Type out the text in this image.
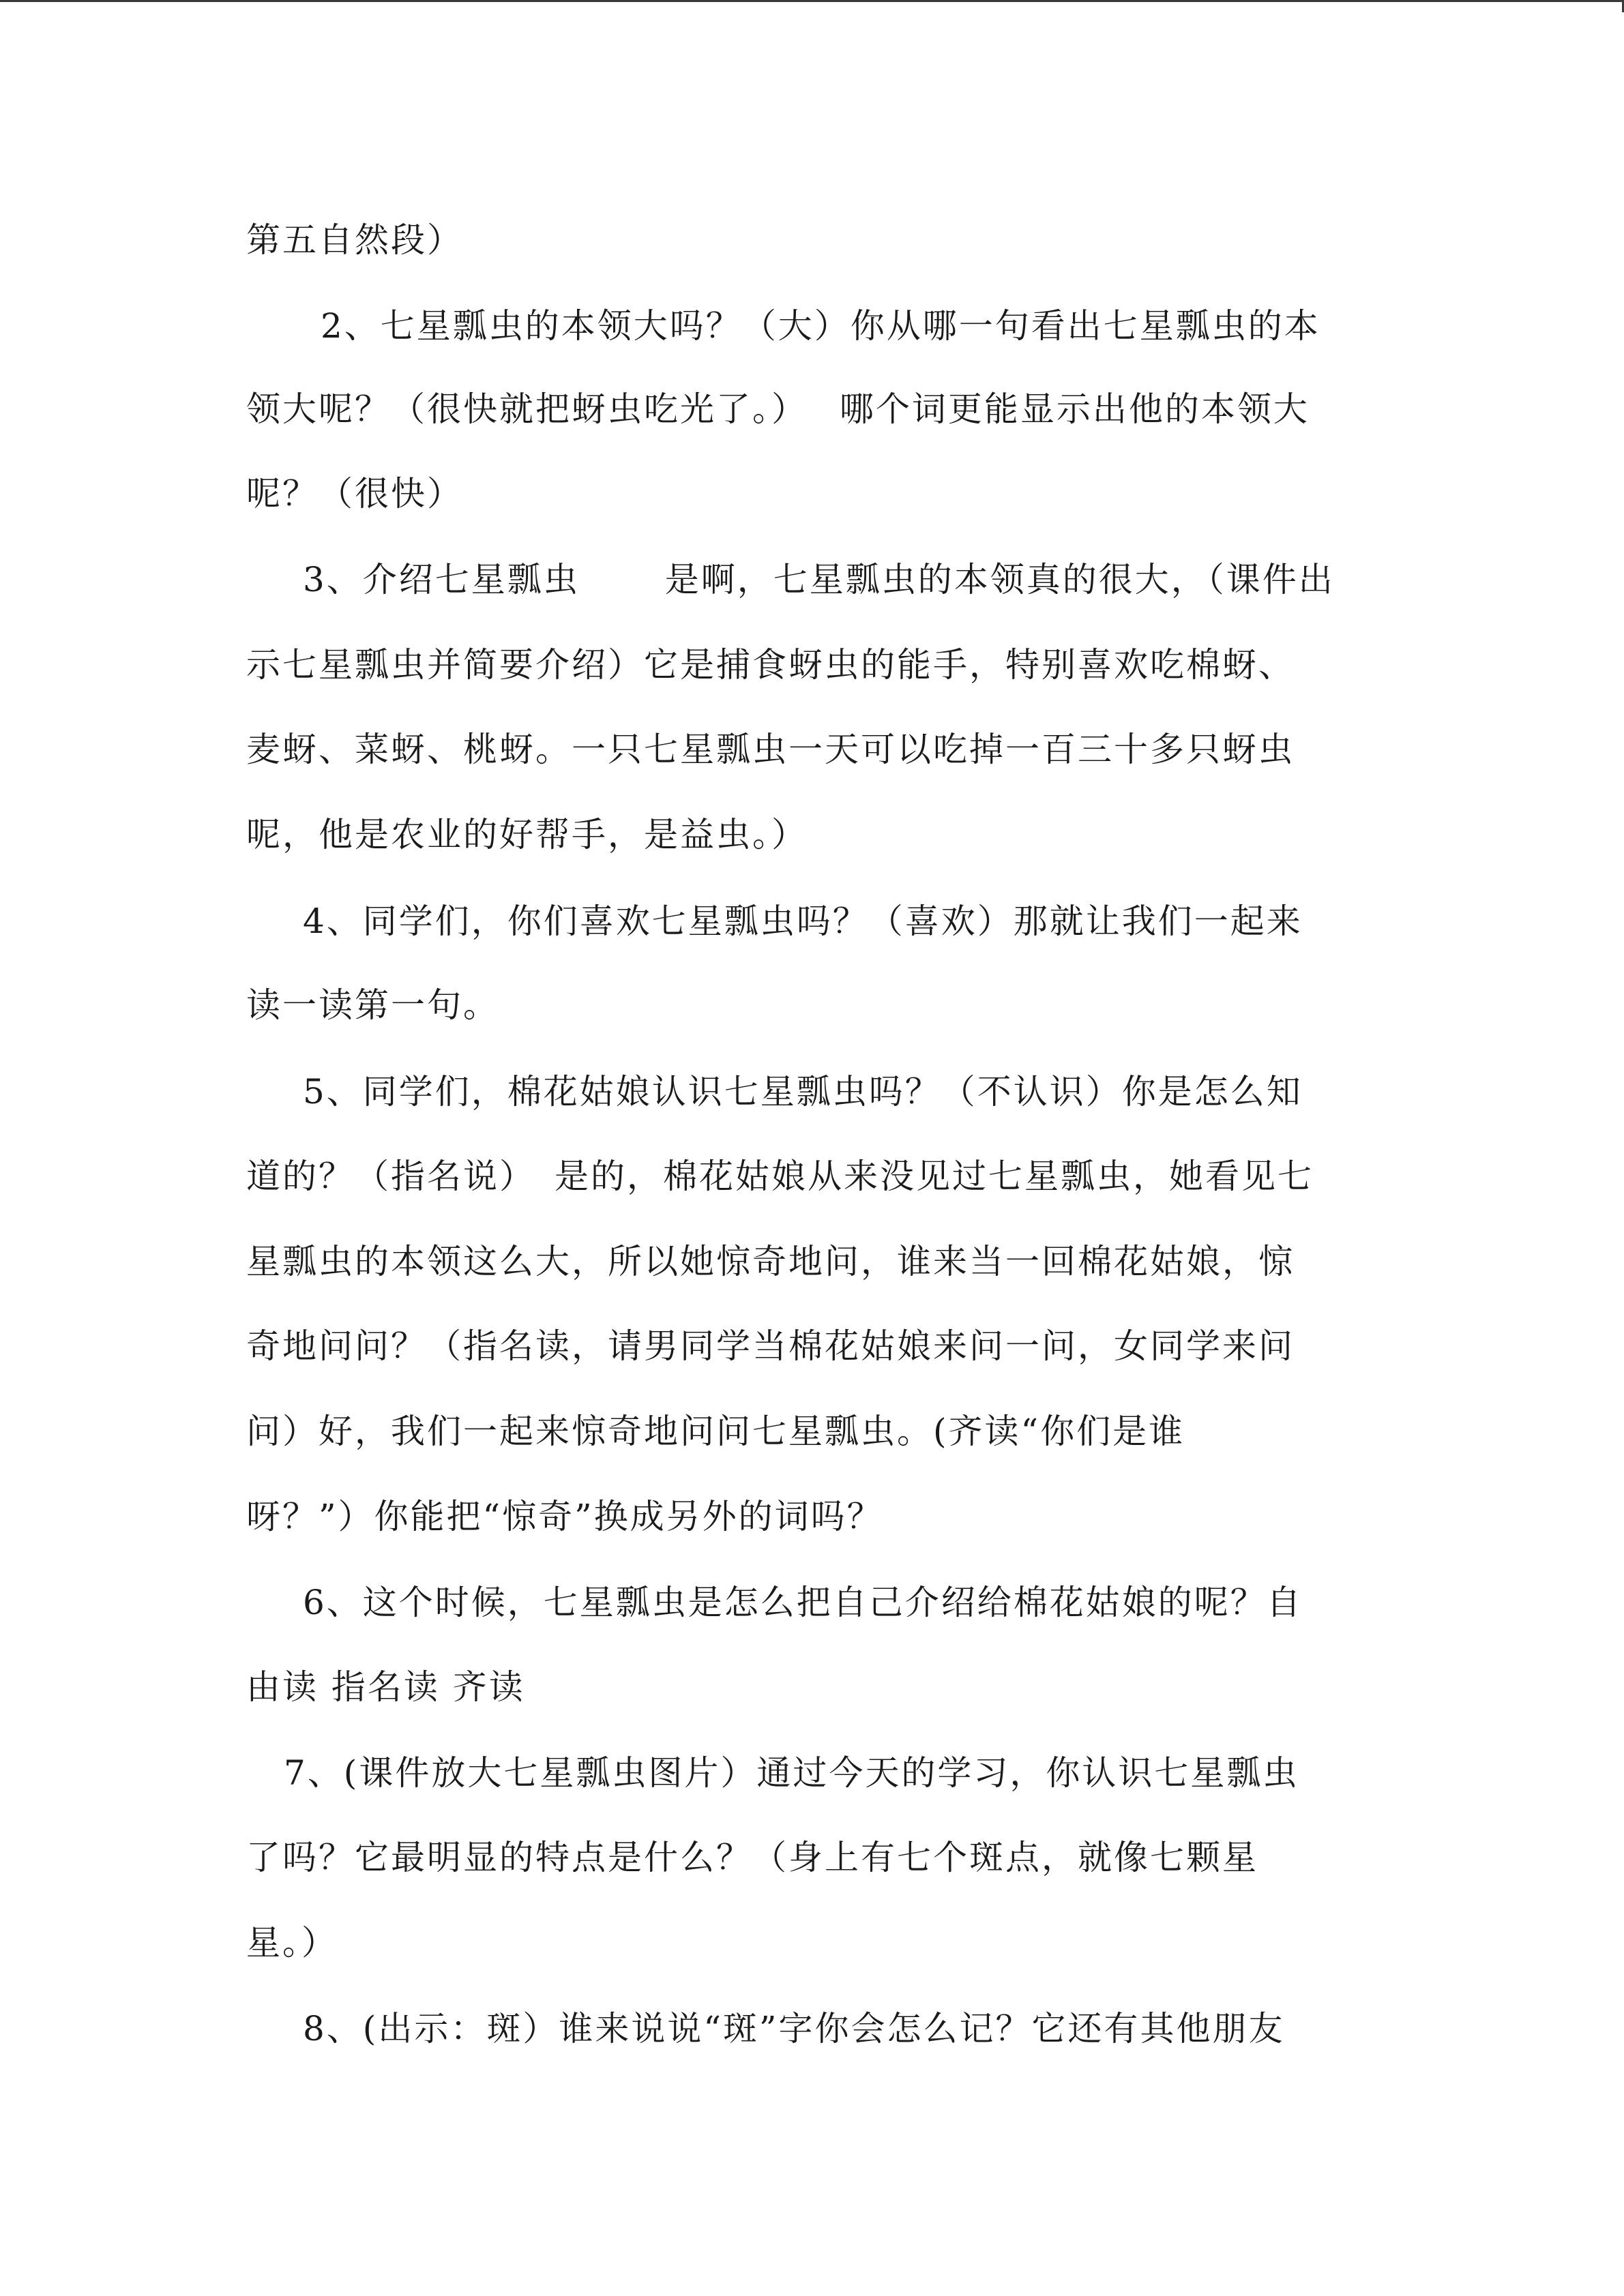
第五自然段）

2、七星瓢虫的本领大吗？（大）你从哪一句看出七星瓢虫的本

领大呢？（很快就把蚜虫吃光了。）　 哪个词更能显示出他的本领大

呢？（很快）

3、介绍七星瓢虫　　 是啊，七星瓢虫的本领真的很大，（课件出

示七星瓢虫并简要介绍）它是捕食蚜虫的能手，特别喜欢吃棉蚜、

麦蚜、菜蚜、桃蚜。一只七星瓢虫一天可以吃掉一百三十多只蚜虫

呢，他是农业的好帮手，是益虫。）

4、同学们，你们喜欢七星瓢虫吗？（喜欢）那就让我们一起来

读一读第一句。

5、同学们，棉花姑娘认识七星瓢虫吗？（不认识）你是怎么知

道的？（指名说）　是的，棉花姑娘从来没见过七星瓢虫，她看见七

星瓢虫的本领这么大，所以她惊奇地问，谁来当一回棉花姑娘，惊

奇地问问？（指名读，请男同学当棉花姑娘来问一问，女同学来问

问）好，我们一起来惊奇地问问七星瓢虫。(齐读“你们是谁

呀？”）你能把“惊奇”换成另外的词吗？

6、这个时候，七星瓢虫是怎么把自己介绍给棉花姑娘的呢？自

由读 指名读 齐读

7、(课件放大七星瓢虫图片）通过今天的学习，你认识七星瓢虫

了吗？它最明显的特点是什么？（身上有七个斑点，就像七颗星

星。）

8、(出示：斑）谁来说说“斑”字你会怎么记？它还有其他朋友
